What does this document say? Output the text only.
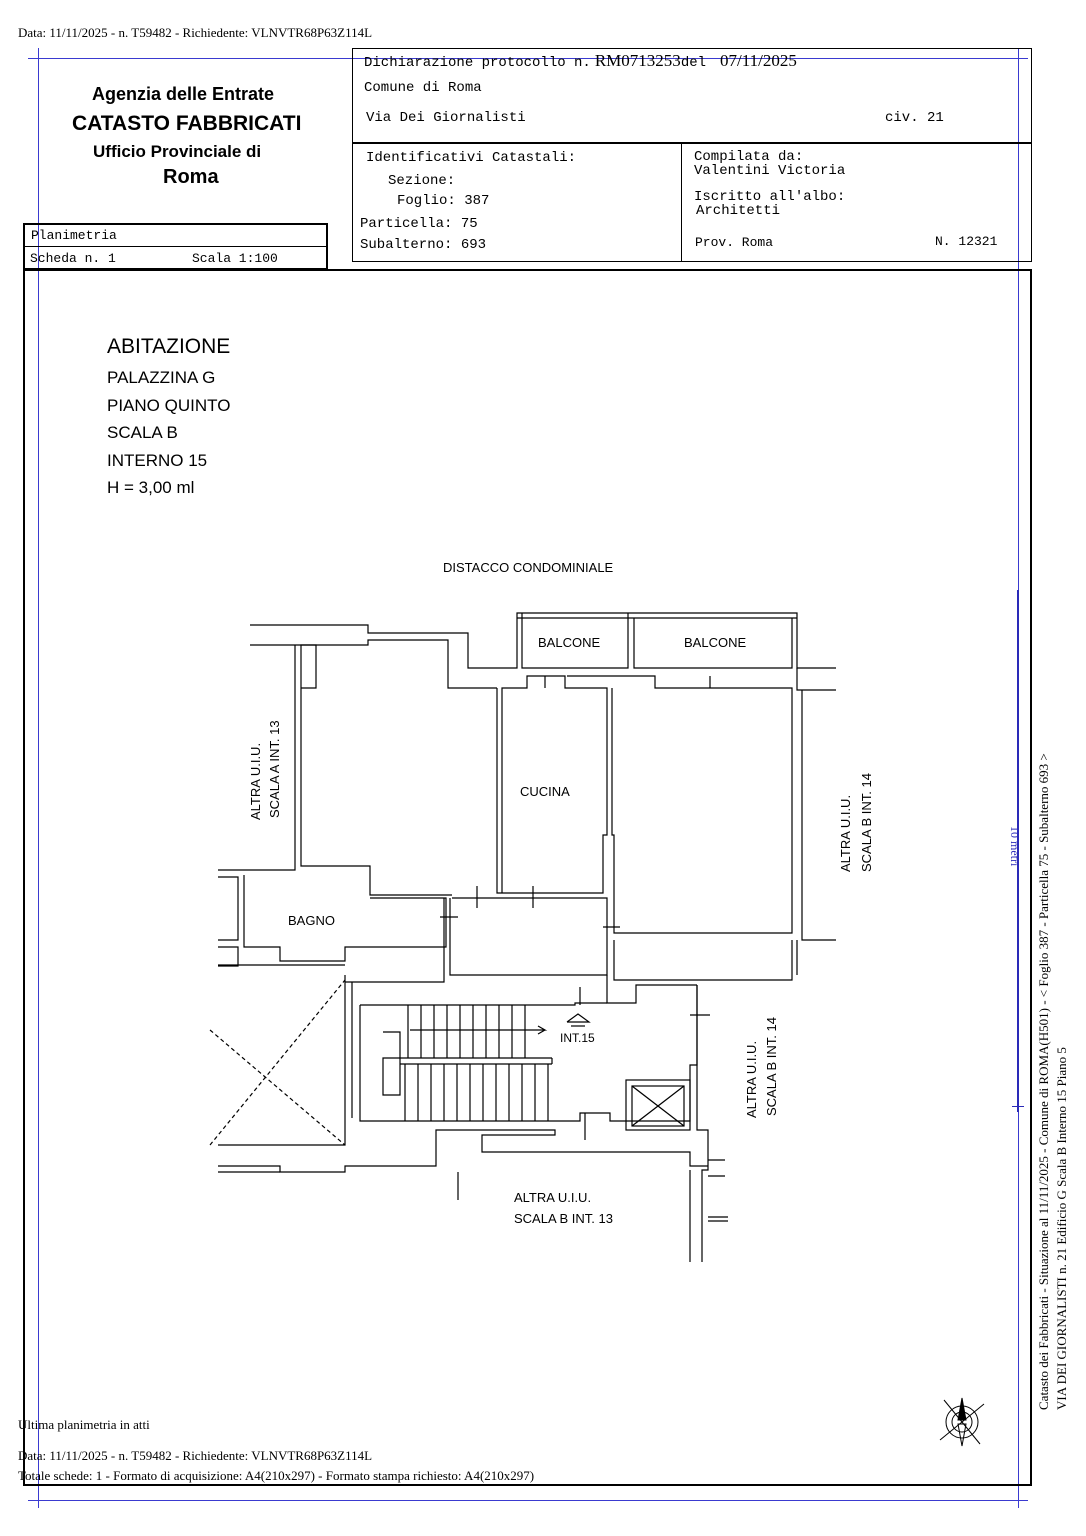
Data: 11/11/2025 - n. T59482 - Richiedente: VLNVTR68P63Z114L
Agenzia delle Entrate
CATASTO FABBRICATI
Ufficio Provinciale di
Roma
Dichiarazione protocollo n. RM0713253del 07/11/2025
Comune di Roma
Via Dei Giornalisti	civ. 21
Identificativi Catastali:
Sezione:
Foglio: 387
Particella: 75
Subalterno: 693
Compilata da:
Valentini Victoria
Iscritto all'albo:
Architetti
Prov. Roma	N. 12321
Planimetria
Scheda n. 1	Scala 1:100
ABITAZIONE
PALAZZINA G
PIANO QUINTO
SCALA B
INTERNO 15
H = 3,00 ml
DISTACCO CONDOMINIALE
BALCONE	BALCONE
CUCINA
BAGNO
INT.15
ALTRA U.I.U. SCALA A INT. 13
ALTRA U.I.U. SCALA B INT. 14
ALTRA U.I.U. SCALA B INT. 14
ALTRA U.I.U.
SCALA B INT. 13
10 metri Catasto dei Fabbricati - Situazione al 11/11/2025 - Comune di ROMA(H501) - < Foglio 387 - Particella 75 - Subalterno 693 > VIA DEI GIORNALISTI n. 21 Edificio G Scala B Interno 15 Piano 5
Ultima planimetria in atti
Data: 11/11/2025 - n. T59482 - Richiedente: VLNVTR68P63Z114L
Totale schede: 1 - Formato di acquisizione: A4(210x297) - Formato stampa richiesto: A4(210x297)
